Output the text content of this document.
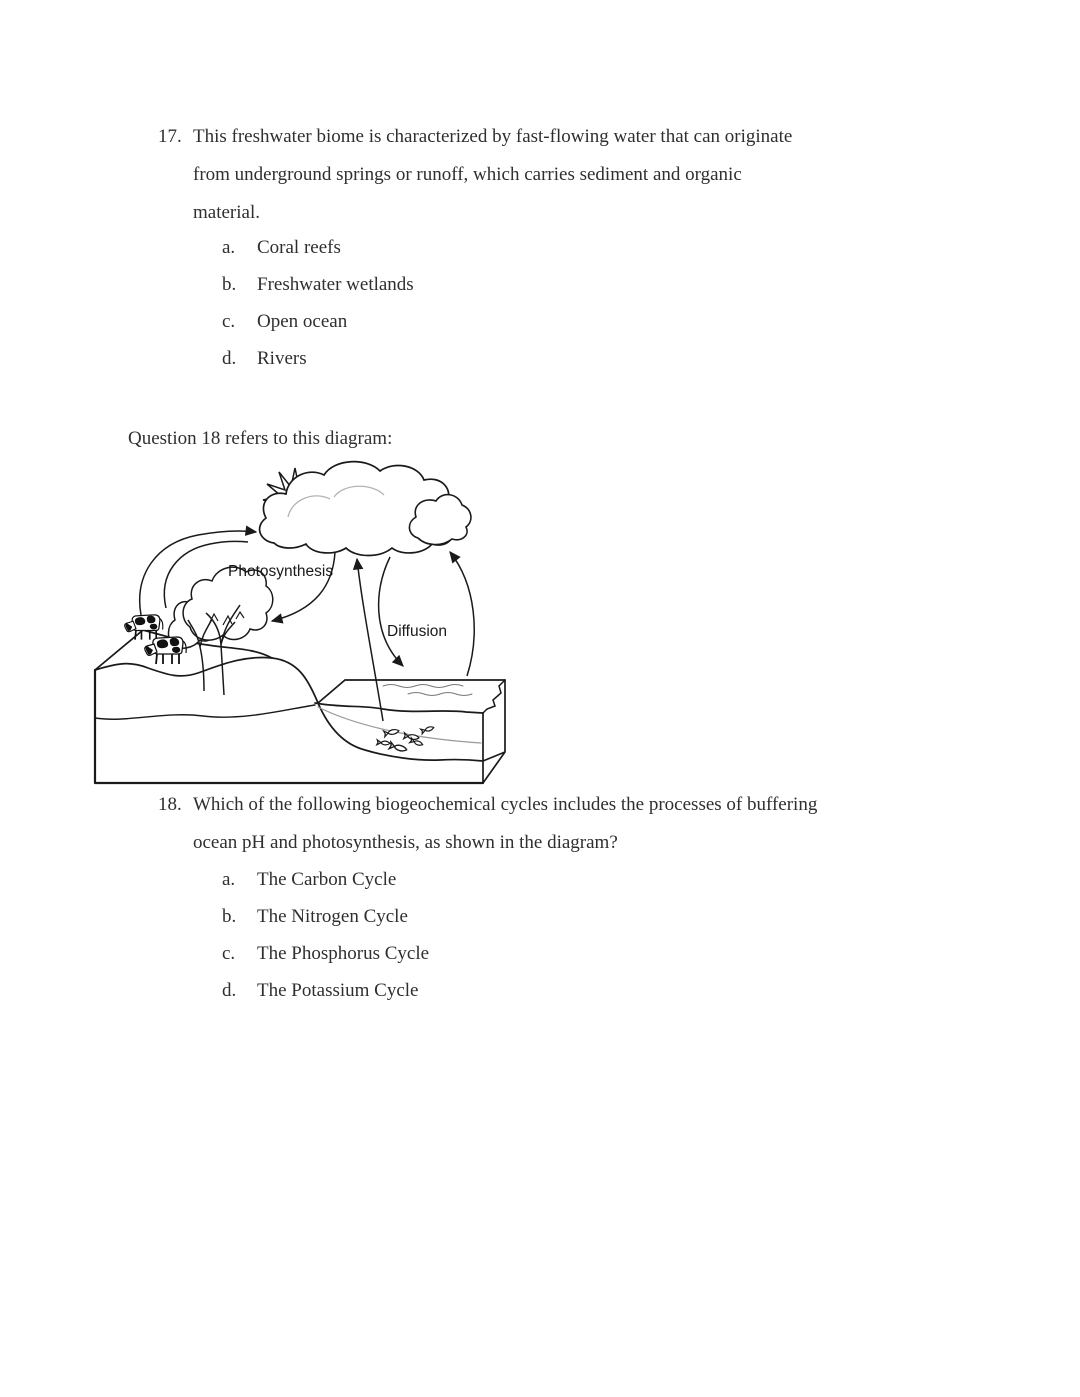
17. This freshwater biome is characterized by fast-flowing water that can originate
from underground springs or runoff, which carries sediment and organic
material.
a. Coral reefs
b. Freshwater wetlands
c. Open ocean
d. Rivers
Question 18 refers to this diagram:
Photosynthesis
Diffusion
18. Which of the following biogeochemical cycles includes the processes of buffering
ocean pH and photosynthesis, as shown in the diagram?
a. The Carbon Cycle
b. The Nitrogen Cycle
c. The Phosphorus Cycle
d. The Potassium Cycle
